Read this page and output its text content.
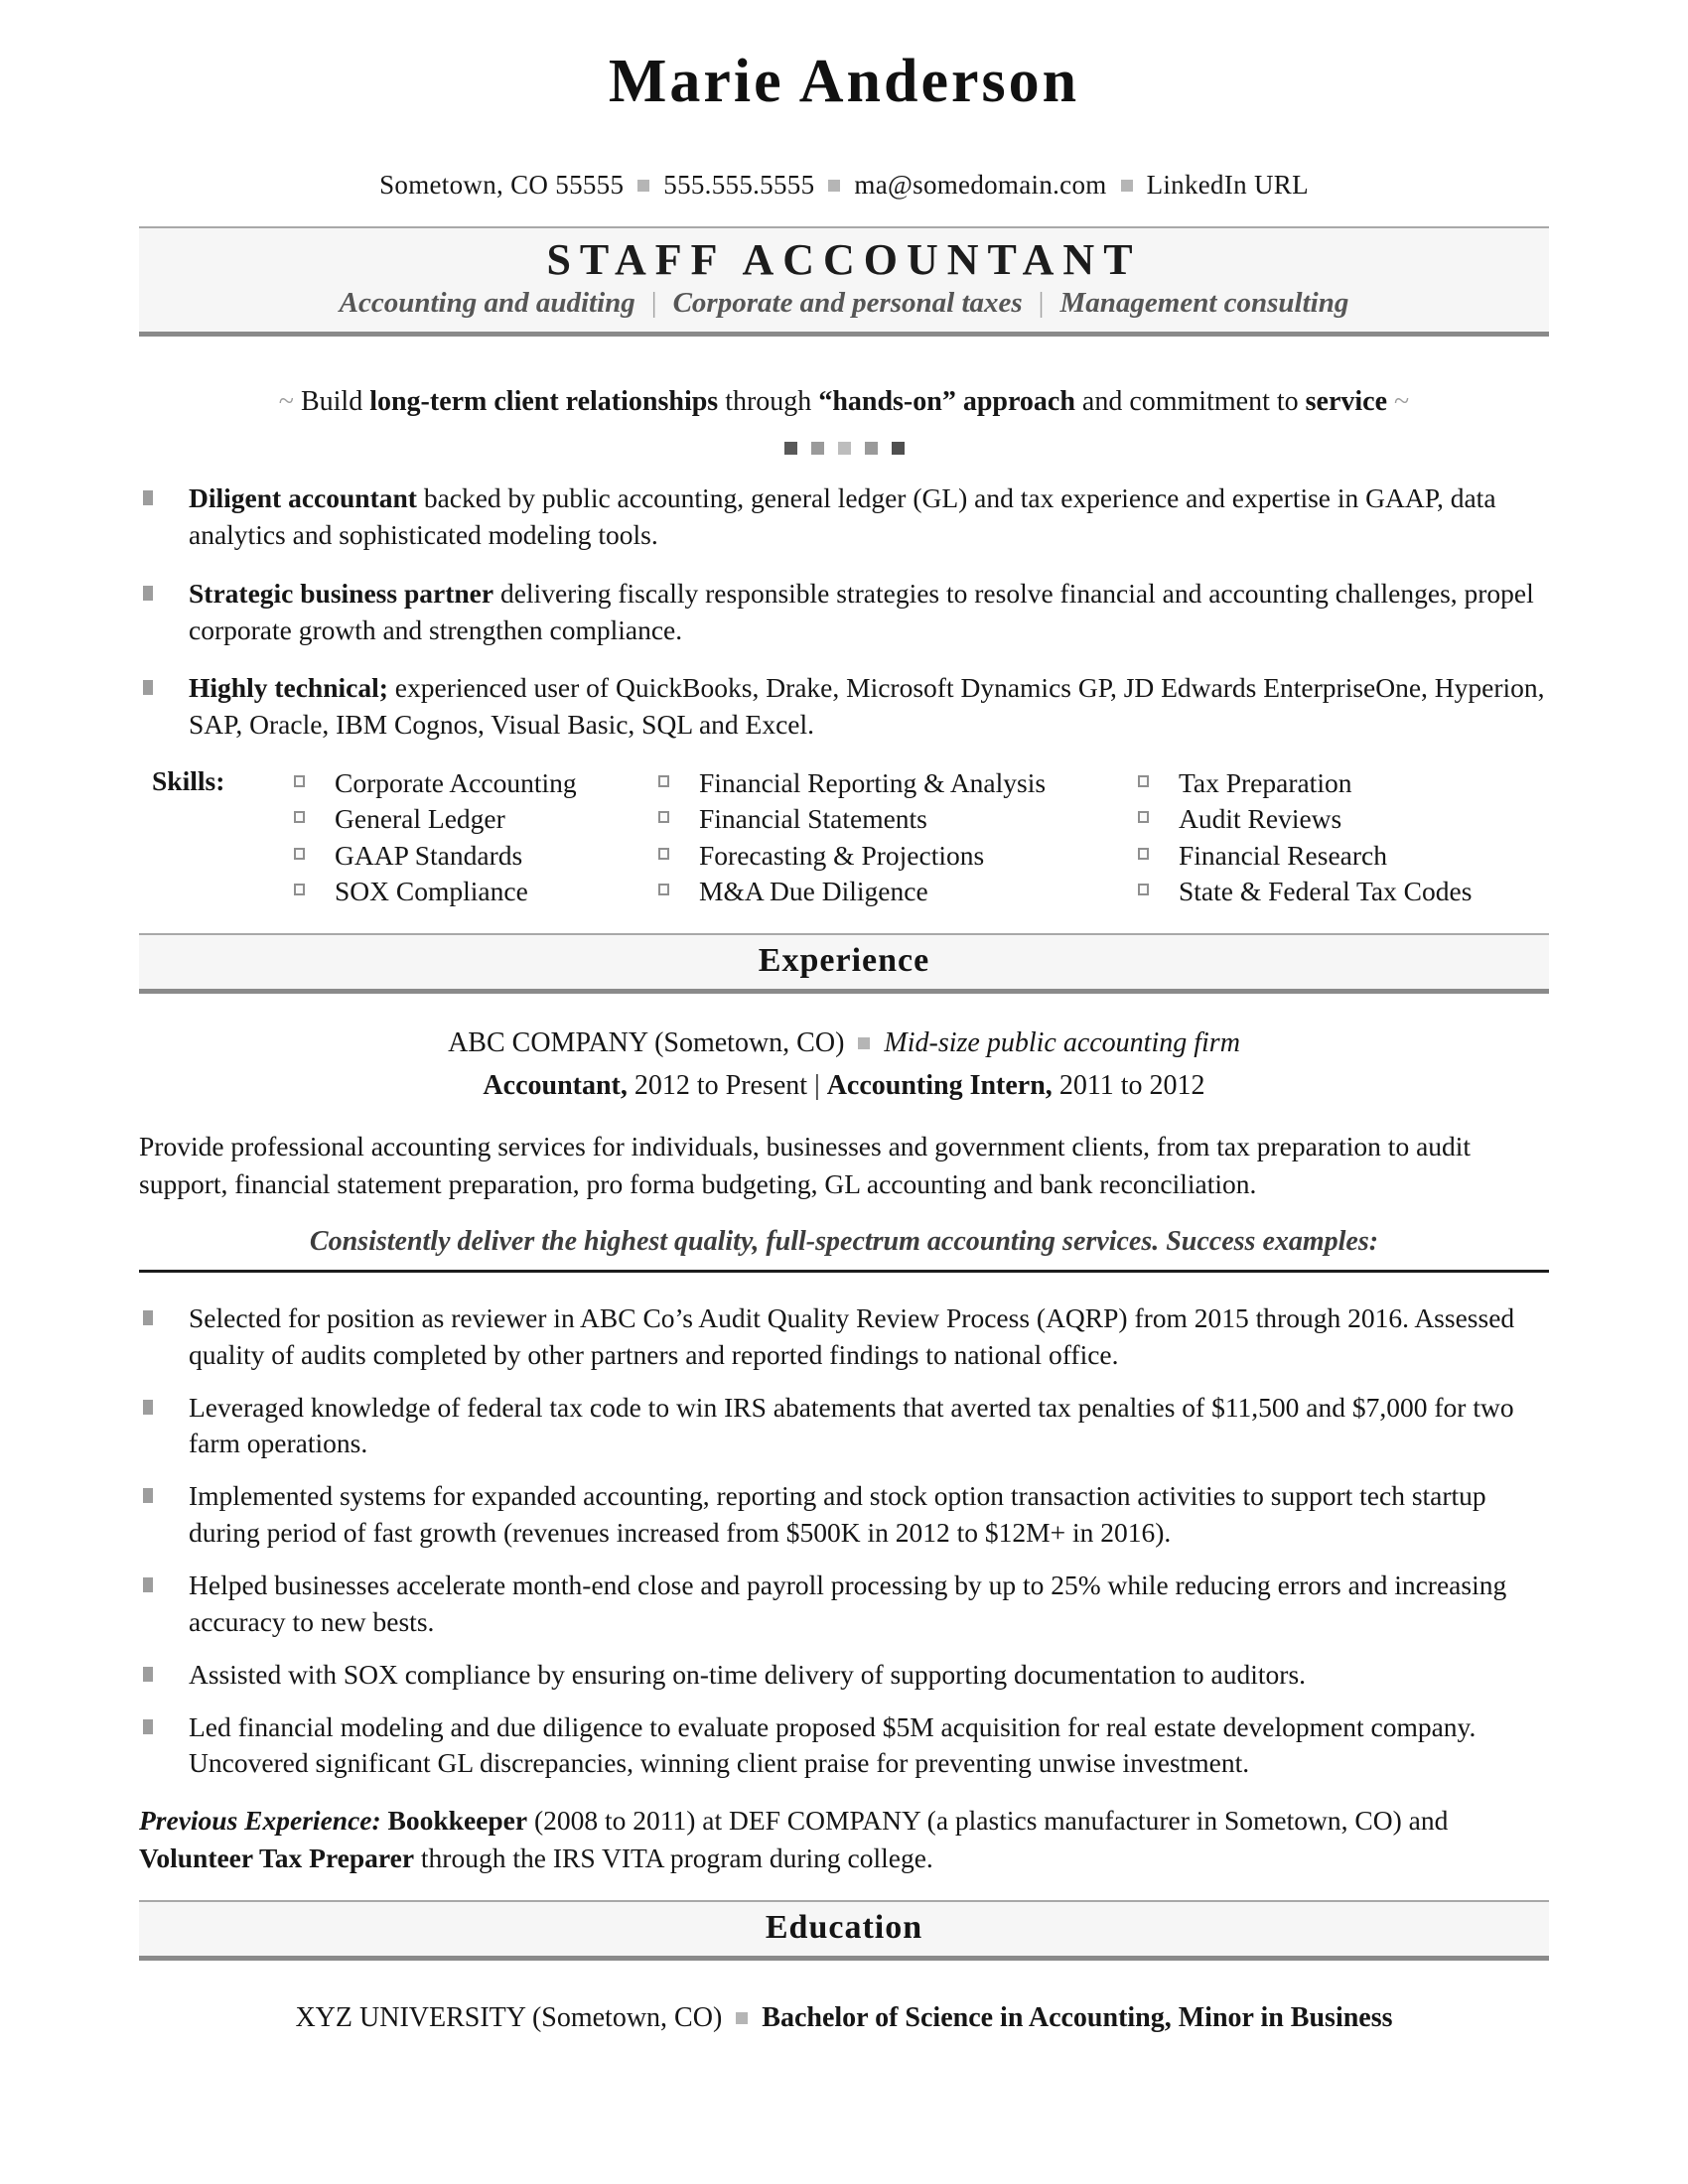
Marie Anderson
Sometown, CO 55555 555.555.5555 ma@somedomain.com LinkedIn URL
STAFF ACCOUNTANT
Accounting and auditing | Corporate and personal taxes | Management consulting

~ Build long-term client relationships through “hands-on” approach and commitment to service ~

Diligent accountant backed by public accounting, general ledger (GL) and tax experience and expertise in GAAP, data analytics and sophisticated modeling tools.
Strategic business partner delivering fiscally responsible strategies to resolve financial and accounting challenges, propel corporate growth and strengthen compliance.
Highly technical; experienced user of QuickBooks, Drake, Microsoft Dynamics GP, JD Edwards EnterpriseOne, Hyperion, SAP, Oracle, IBM Cognos, Visual Basic, SQL and Excel.
Skills:	Corporate Accounting
General Ledger
GAAP Standards
SOX Compliance
Financial Reporting & Analysis
Financial Statements
Forecasting & Projections
M&A Due Diligence
Tax Preparation
Audit Reviews
Financial Research
State & Federal Tax Codes
Experience
ABC COMPANY (Sometown, CO) Mid-size public accounting firm
Accountant, 2012 to Present | Accounting Intern, 2011 to 2012

Provide professional accounting services for individuals, businesses and government clients, from tax preparation to audit support, financial statement preparation, pro forma budgeting, GL accounting and bank reconciliation.

Consistently deliver the highest quality, full-spectrum accounting services. Success examples:
Selected for position as reviewer in ABC Co’s Audit Quality Review Process (AQRP) from 2015 through 2016. Assessed quality of audits completed by other partners and reported findings to national office.
Leveraged knowledge of federal tax code to win IRS abatements that averted tax penalties of $11,500 and $7,000 for two farm operations.
Implemented systems for expanded accounting, reporting and stock option transaction activities to support tech startup during period of fast growth (revenues increased from $500K in 2012 to $12M+ in 2016).
Helped businesses accelerate month-end close and payroll processing by up to 25% while reducing errors and increasing accuracy to new bests.
Assisted with SOX compliance by ensuring on-time delivery of supporting documentation to auditors.
Led financial modeling and due diligence to evaluate proposed $5M acquisition for real estate development company. Uncovered significant GL discrepancies, winning client praise for preventing unwise investment.

Previous Experience: Bookkeeper (2008 to 2011) at DEF COMPANY (a plastics manufacturer in Sometown, CO) and Volunteer Tax Preparer through the IRS VITA program during college.

Education
XYZ UNIVERSITY (Sometown, CO) Bachelor of Science in Accounting, Minor in Business
